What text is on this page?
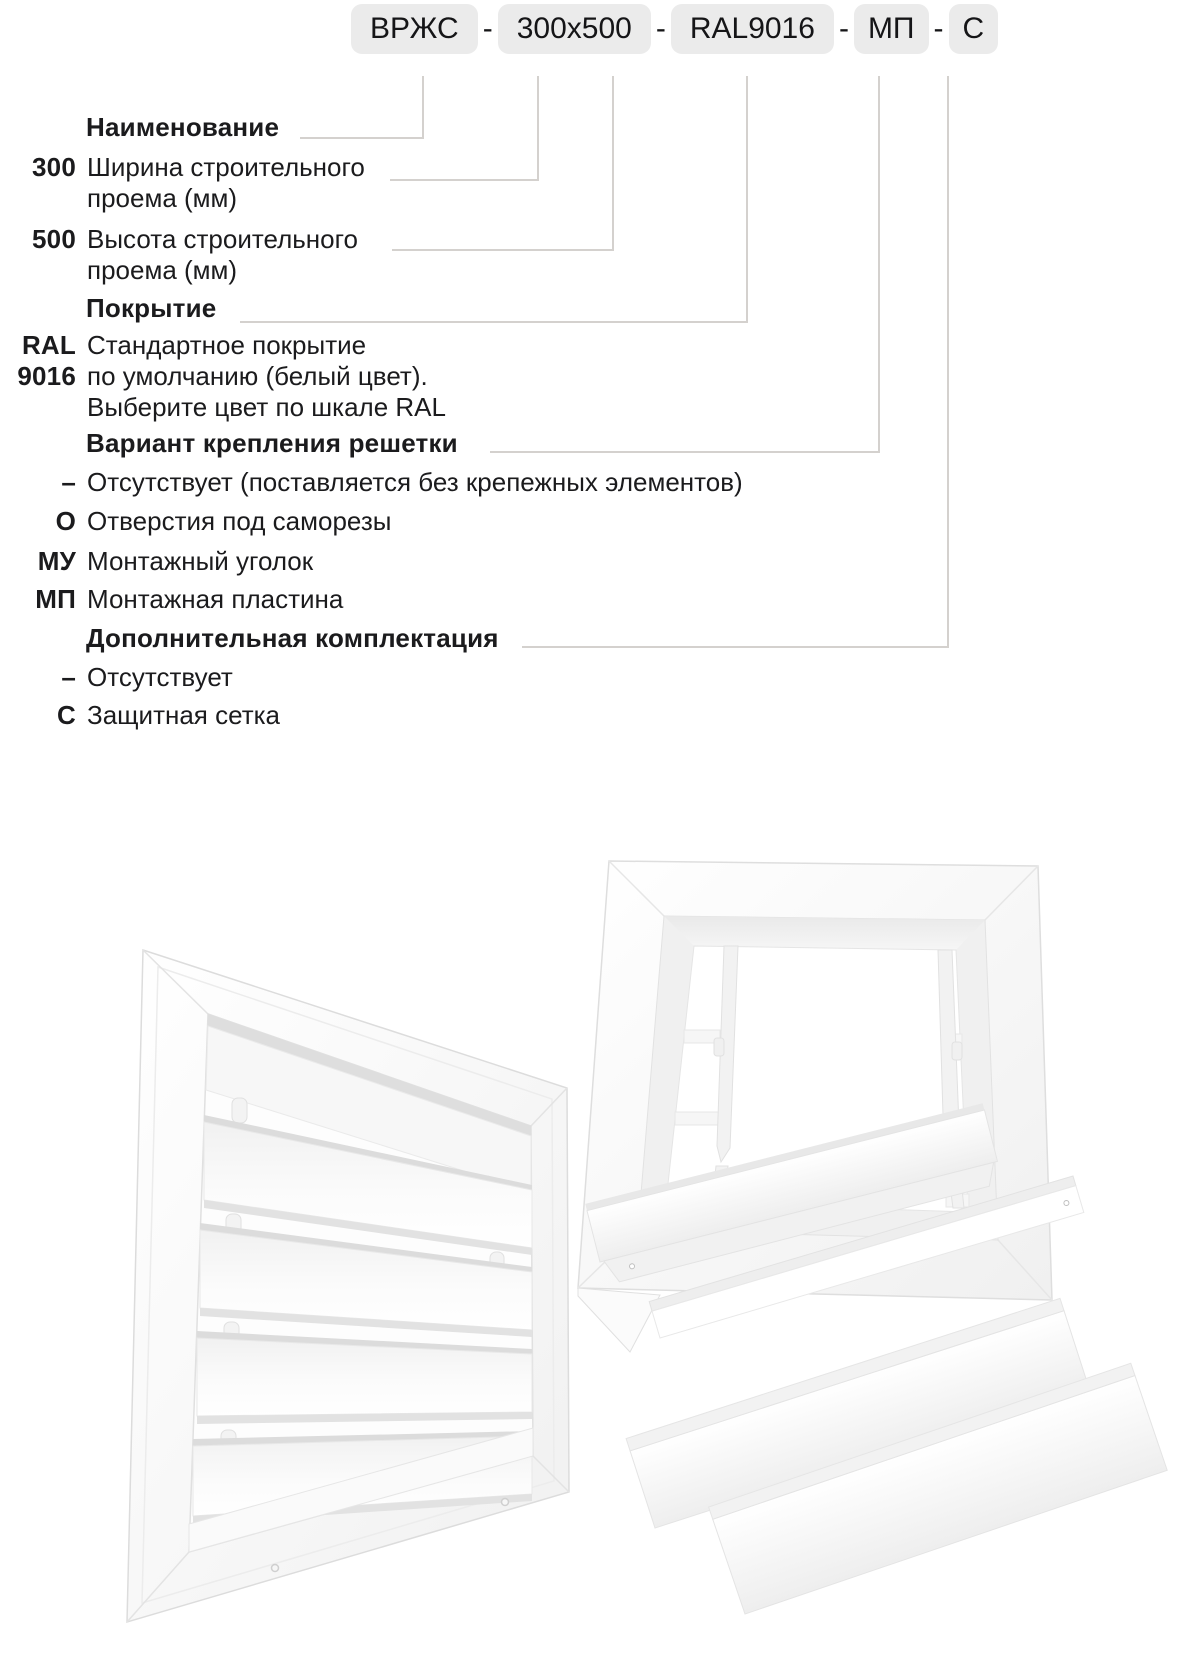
ВРЖС - 300x500 - RAL9016 - МП - С
Наименование
300 Ширина строительного
проема (мм)
500 Высота строительного
проема (мм)
Покрытие
RAL
9016
Стандартное покрытие
по умолчанию (белый цвет).
Выберите цвет по шкале RAL
Вариант крепления решетки
– Отсутствует (поставляется без крепежных элементов)
О Отверстия под саморезы
МУ Монтажный уголок
МП Монтажная пластина
Дополнительная комплектация
– Отсутствует
С Защитная сетка
